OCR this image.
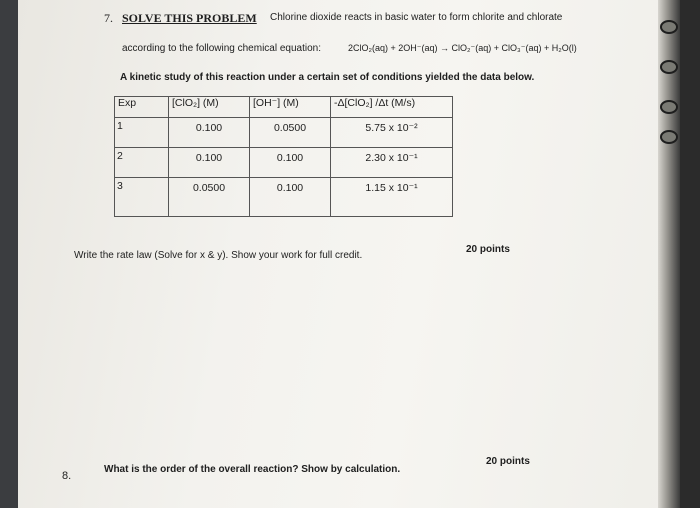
7. SOLVE THIS PROBLEM Chlorine dioxide reacts in basic water to form chlorite and chlorate
according to the following chemical equation:	2ClO₂(aq) + 2OH⁻(aq) → ClO₂⁻(aq) + ClO₃⁻(aq) + H₂O(l)
A kinetic study of this reaction under a certain set of conditions yielded the data below.
Exp	[ClO₂] (M)	[OH⁻] (M)	-Δ[ClO₂] /Δt (M/s)
1	0.100	0.0500	5.75 x 10⁻²
2	0.100	0.100	2.30 x 10⁻¹
3	0.0500	0.100	1.15 x 10⁻¹
Write the rate law (Solve for x & y). Show your work for full credit.
20 points
8.
What is the order of the overall reaction? Show by calculation.
20 points
